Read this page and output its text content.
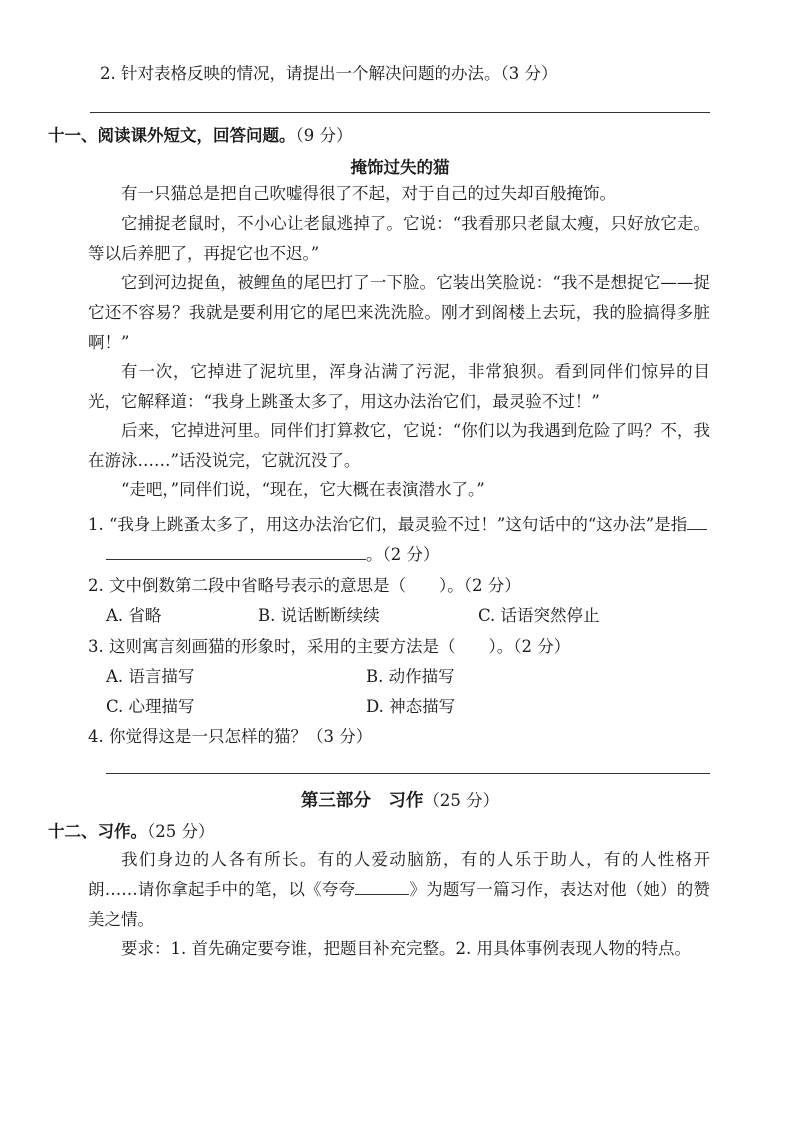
2. 针对表格反映的情况，请提出一个解决问题的办法。（3 分）
十一、阅读课外短文，回答问题。（9 分）
掩饰过失的猫
有一只猫总是把自己吹嘘得很了不起，对于自己的过失却百般掩饰。
它捕捉老鼠时，不小心让老鼠逃掉了。它说：“我看那只老鼠太瘦，只好放它走。等以后养肥了，再捉它也不迟。”
它到河边捉鱼，被鲤鱼的尾巴打了一下脸。它装出笑脸说：“我不是想捉它——捉它还不容易？我就是要利用它的尾巴来洗洗脸。刚才到阁楼上去玩，我的脸搞得多脏啊！”
有一次，它掉进了泥坑里，浑身沾满了污泥，非常狼狈。看到同伴们惊异的目光，它解释道：“我身上跳蚤太多了，用这办法治它们，最灵验不过！”
后来，它掉进河里。同伴们打算救它，它说：“你们以为我遇到危险了吗？不，我在游泳……”话没说完，它就沉没了。
“走吧，”同伴们说，“现在，它大概在表演潜水了。”
1. “我身上跳蚤太多了，用这办法治它们，最灵验不过！”这句话中的“这办法”是指
。（2 分）
2. 文中倒数第二段中省略号表示的意思是（　　）。（2 分）
A. 省略	B. 说话断断续续	C. 话语突然停止
3. 这则寓言刻画猫的形象时，采用的主要方法是（　　）。（2 分）
A. 语言描写	B. 动作描写
C. 心理描写	D. 神态描写
4. 你觉得这是一只怎样的猫？（3 分）
第三部分　习作（25 分）
十二、习作。（25 分）
我们身边的人各有所长。有的人爱动脑筋，有的人乐于助人，有的人性格开朗……请你拿起手中的笔，以《夸夸	》为题写一篇习作，表达对他（她）的赞美之情。
要求：1. 首先确定要夸谁，把题目补充完整。2. 用具体事例表现人物的特点。
